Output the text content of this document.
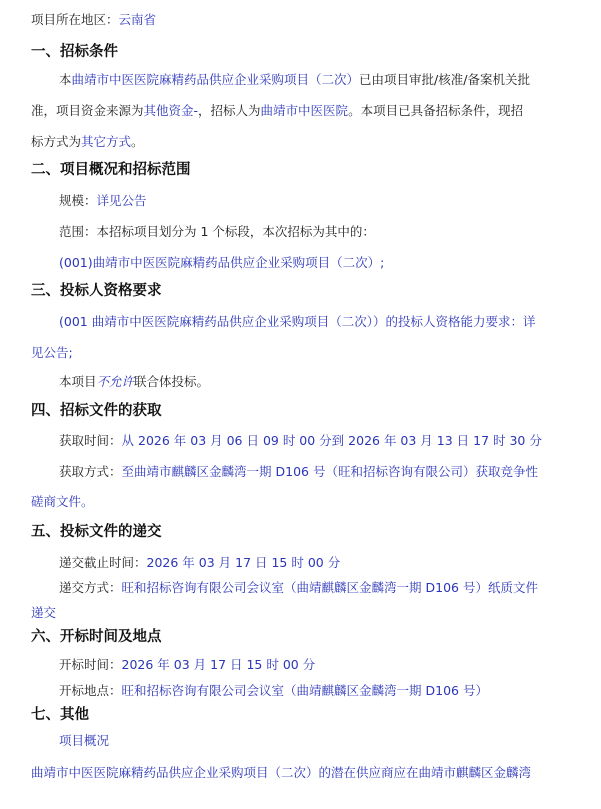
项目所在地区：云南省
一、招标条件
本曲靖市中医医院麻精药品供应企业采购项目（二次）已由项目审批/核准/备案机关批
准，项目资金来源为其他资金-，招标人为曲靖市中医医院。本项目已具备招标条件，现招
标方式为其它方式。
二、项目概况和招标范围
规模：详见公告
范围：本招标项目划分为 1 个标段，本次招标为其中的：
(001)曲靖市中医医院麻精药品供应企业采购项目（二次）;
三、投标人资格要求
(001 曲靖市中医医院麻精药品供应企业采购项目（二次））的投标人资格能力要求：详
见公告;
本项目不允许联合体投标。
四、招标文件的获取
获取时间：从 2026 年 03 月 06 日 09 时 00 分到 2026 年 03 月 13 日 17 时 30 分
获取方式：至曲靖市麒麟区金麟湾一期 D106 号（旺和招标咨询有限公司）获取竞争性
磋商文件。
五、投标文件的递交
递交截止时间：2026 年 03 月 17 日 15 时 00 分
递交方式：旺和招标咨询有限公司会议室（曲靖麒麟区金麟湾一期 D106 号）纸质文件
递交
六、开标时间及地点
开标时间：2026 年 03 月 17 日 15 时 00 分
开标地点：旺和招标咨询有限公司会议室（曲靖麒麟区金麟湾一期 D106 号）
七、其他
项目概况
曲靖市中医医院麻精药品供应企业采购项目（二次）的潜在供应商应在曲靖市麒麟区金麟湾
